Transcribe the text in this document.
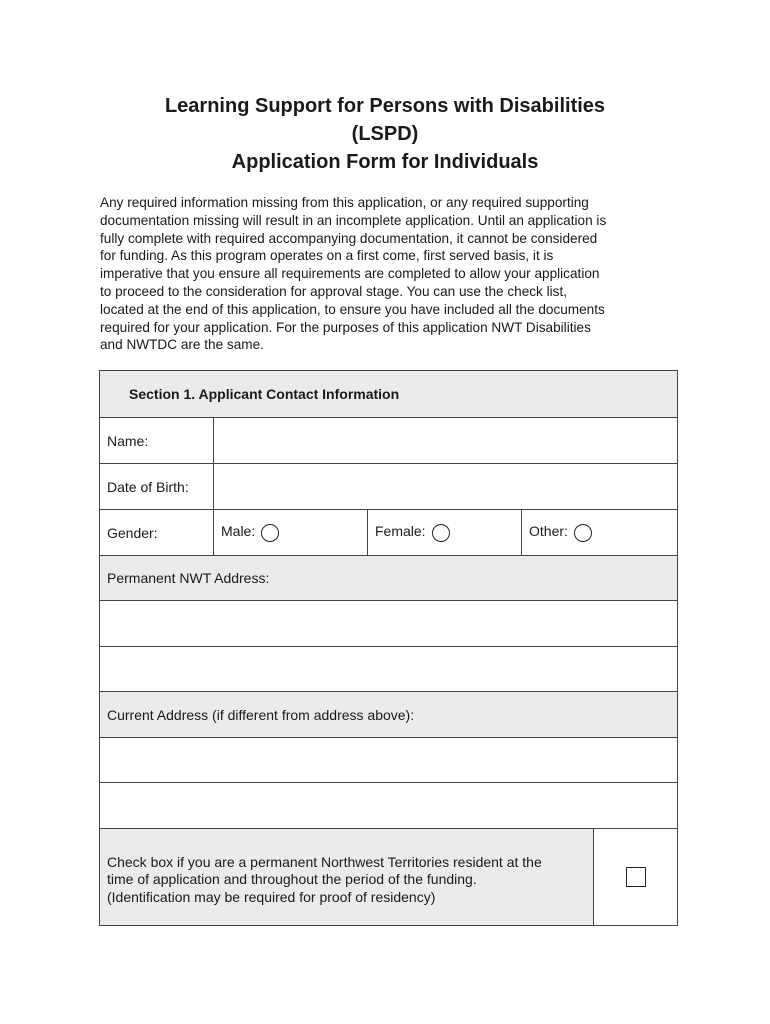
Learning Support for Persons with Disabilities
(LSPD)
Application Form for Individuals
Any required information missing from this application, or any required supporting
documentation missing will result in an incomplete application. Until an application is
fully complete with required accompanying documentation, it cannot be considered
for funding. As this program operates on a first come, first served basis, it is
imperative that you ensure all requirements are completed to allow your application
to proceed to the consideration for approval stage. You can use the check list,
located at the end of this application, to ensure you have included all the documents
required for your application. For the purposes of this application NWT Disabilities
and NWTDC are the same.
Section 1. Applicant Contact Information				
Name:				
Date of Birth:				
Gender:	Male:	Female:	Other:	
Permanent NWT Address:				

Current Address (if different from address above):				

Check box if you are a permanent Northwest Territories resident at the
time of application and throughout the period of the funding.
(Identification may be required for proof of residency)				
